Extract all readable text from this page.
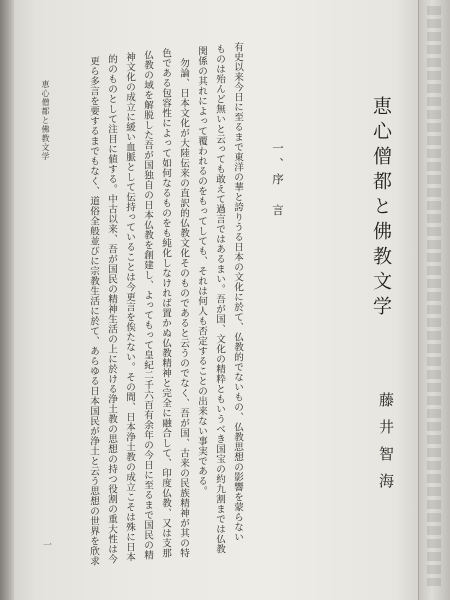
恵心僧都と佛教文学
藤井智海
一、序　言
有史以来今日に至るまで東洋の華と誇りうる日本の文化に於て、仏教的でないもの、仏教思想の影響を蒙らない
ものは殆んど無いと云っても敢えて過言ではあるまい。吾が国、文化の精粋ともいうべき国宝の約九割までは仏教
関係の其れによって覆われるのをもってしても、それは何人も否定することの出来ない事実である。
勿論、日本文化が大陸伝来の直訳的仏教文化そのものであると云うのでなく、吾が国、古来の民族精神が其の特
色である包容性によって如何なるものをも純化しなければ置かぬ仏教精神と完全に融合して、印度仏教、又は支那
仏教の域を解脱した吾が国独自の日本仏教を創建し、よってもって皇紀二千六百有余年の今日に至るまで国民の精
神文化の成立に緩い血脈として伝持っていることは今更言を俟たない。その間、日本浄土教の成立こそは殊に日本
的のものとして注目に値する。中古以来、吾が国民の精神生活の上に於ける浄土教の思想の持つ役割の重大性は今
更ら多言を要するまでもなく、道俗全般並びに宗教生活に於て、あらゆる日本国民が浄土と云う思想の世界を欣求
恵心僧都と佛教文学
一
